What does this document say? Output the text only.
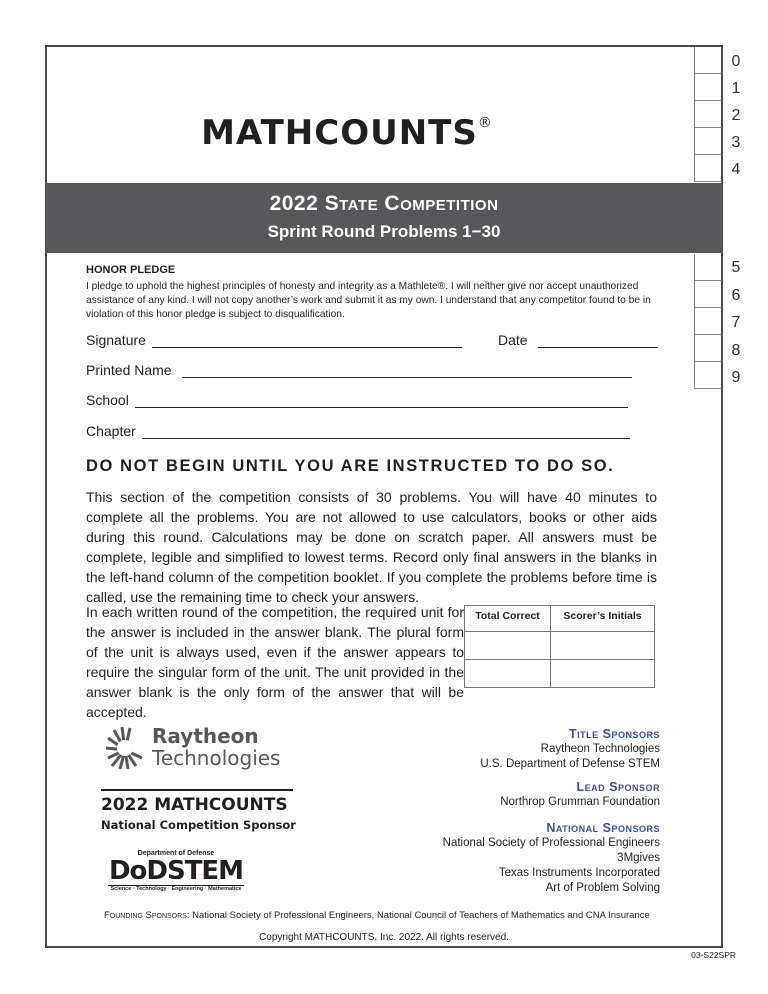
0
1
2
3
4
5
6
7
8
9
MATHCOUNTS®
2022 State Competition
Sprint Round Problems 1−30
HONOR PLEDGE
I pledge to uphold the highest principles of honesty and integrity as a Mathlete®. I will neither give nor accept unauthorized assistance of any kind. I will not copy another’s work and submit it as my own. I understand that any competitor found to be in violation of this honor pledge is subject to disqualification.
Signature	Date
Printed Name
School
Chapter
DO NOT BEGIN UNTIL YOU ARE INSTRUCTED TO DO SO.
This section of the competition consists of 30 problems. You will have 40 minutes to complete all the problems. You are not allowed to use calculators, books or other aids during this round. Calculations may be done on scratch paper. All answers must be complete, legible and simplified to lowest terms. Record only final answers in the blanks in the left-hand column of the competition booklet. If you complete the problems before time is called, use the remaining time to check your answers.
In each written round of the competition, the required unit for the answer is included in the answer blank. The plural form of the unit is always used, even if the answer appears to require the singular form of the unit. The unit provided in the answer blank is the only form of the answer that will be accepted.
Total Correct	Scorer’s Initials

Raytheon
Technologies
2022 MATHCOUNTS
National Competition Sponsor
Department of Defense
DoDSTEM
Science · Technology · Engineering · Mathematics
Title Sponsors
Raytheon Technologies
U.S. Department of Defense STEM
Lead Sponsor
Northrop Grumman Foundation
National Sponsors
National Society of Professional Engineers
3Mgives
Texas Instruments Incorporated
Art of Problem Solving
Founding Sponsors: National Society of Professional Engineers, National Council of Teachers of Mathematics and CNA Insurance
Copyright MATHCOUNTS, Inc. 2022. All rights reserved.
03-S22SPR
